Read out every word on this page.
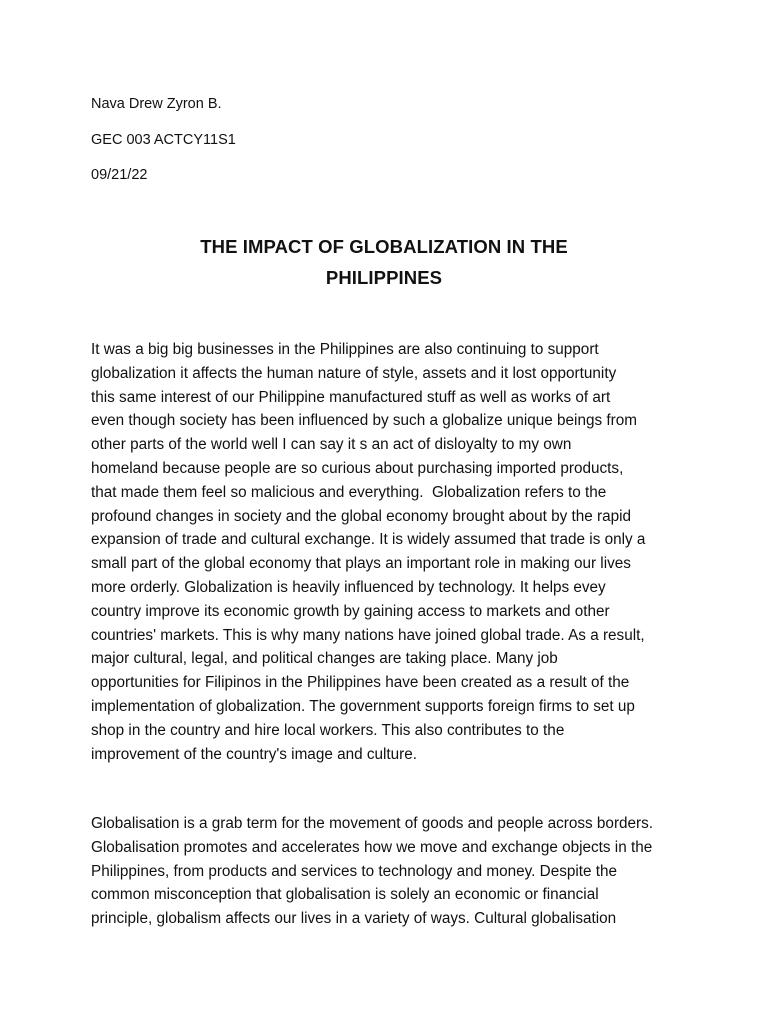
Nava Drew Zyron B.
GEC 003 ACTCY11S1
09/21/22
THE IMPACT OF GLOBALIZATION IN THE
PHILIPPINES
It was a big big businesses in the Philippines are also continuing to support
globalization it affects the human nature of style, assets and it lost opportunity
this same interest of our Philippine manufactured stuff as well as works of art
even though society has been influenced by such a globalize unique beings from
other parts of the world well I can say it s an act of disloyalty to my own
homeland because people are so curious about purchasing imported products,
that made them feel so malicious and everything.  Globalization refers to the
profound changes in society and the global economy brought about by the rapid
expansion of trade and cultural exchange. It is widely assumed that trade is only a
small part of the global economy that plays an important role in making our lives
more orderly. Globalization is heavily influenced by technology. It helps evey
country improve its economic growth by gaining access to markets and other
countries' markets. This is why many nations have joined global trade. As a result,
major cultural, legal, and political changes are taking place. Many job
opportunities for Filipinos in the Philippines have been created as a result of the
implementation of globalization. The government supports foreign firms to set up
shop in the country and hire local workers. This also contributes to the
improvement of the country's image and culture.
Globalisation is a grab term for the movement of goods and people across borders.
Globalisation promotes and accelerates how we move and exchange objects in the
Philippines, from products and services to technology and money. Despite the
common misconception that globalisation is solely an economic or financial
principle, globalism affects our lives in a variety of ways. Cultural globalisation
